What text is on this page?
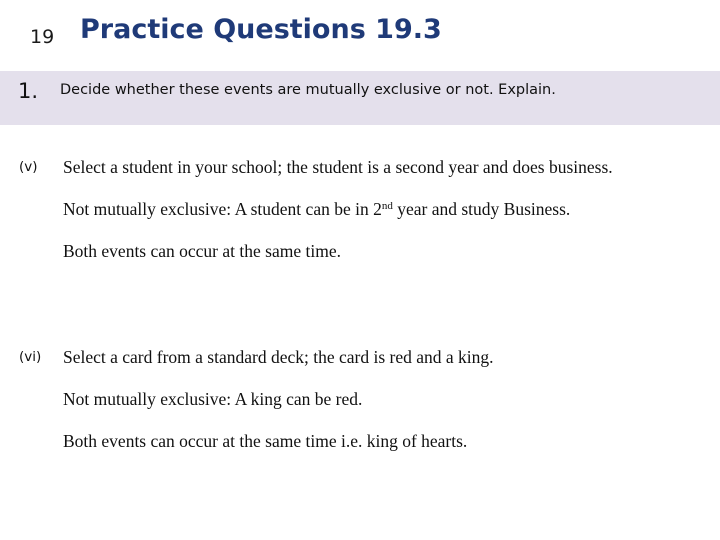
19 Practice Questions 19.3
1. Decide whether these events are mutually exclusive or not. Explain.
(v) Select a student in your school; the student is a second year and does business.
Not mutually exclusive: A student can be in 2nd year and study Business.
Both events can occur at the same time.
(vi) Select a card from a standard deck; the card is red and a king.
Not mutually exclusive: A king can be red.
Both events can occur at the same time i.e. king of hearts.
